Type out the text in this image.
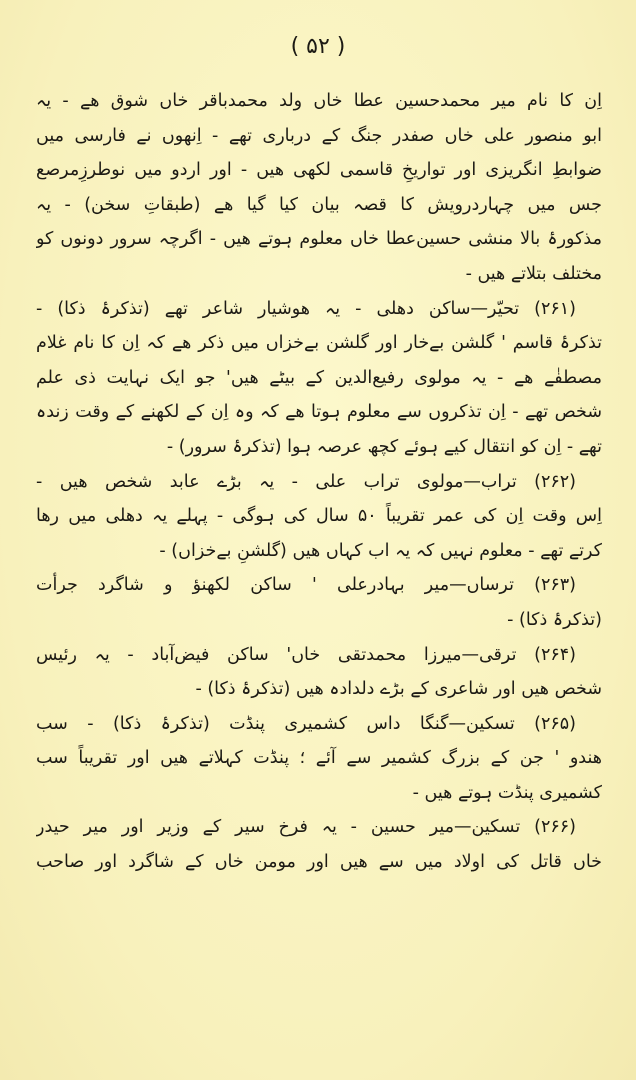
( ۵۲ )
اِن کا نام میر محمدحسین عطا خاں ولد محمدباقر خاں شوق ھے - یہ
ابو منصور علی خاں صفدر جنگ کے درباری تھے - اِنھوں نے فارسی میں
ضوابطِ انگریزی اور تواریخِ قاسمی لکھی ھیں - اور اردو میں نوطرزِمرصع
جس میں چہاردرویش کا قصہ بیان کیا گیا ھے (طبقاتِ سخن) - یہ
مذکورۂ بالا منشی حسین‌عطا خاں معلوم ہوتے ھیں - اگرچہ سرور دونوں کو
مختلف بتلاتے ھیں -
(۲۶۱) تحیّر—ساکن دھلی - یہ ھوشیار شاعر تھے (تذکرۂ ذکا) -
تذکرۂ قاسم ' گلشن بےخار اور گلشن بےخزاں میں ذکر ھے کہ اِن کا نام غلام
مصطفٰے ھے - یہ مولوی رفیع‌الدین کے بیٹے ھیں' جو ایک نہایت ذی علم
شخص تھے - اِن تذکروں سے معلوم ہوتا ھے کہ وہ اِن کے لکھنے کے وقت زندہ
تھے - اِن کو انتقال کیے ہوئے کچھ عرصہ ہوا (تذکرۂ سرور) -
(۲۶۲) تراب—مولوی تراب علی - یہ بڑے عابد شخص ھیں -
اِس وقت اِن کی عمر تقریباً ۵۰ سال کی ہوگی - پہلے یہ دھلی میں رھا
کرتے تھے - معلوم نہیں کہ یہ اب کہاں ھیں (گلشنِ بےخزاں) -
(۲۶۳) ترساں—میر بہادرعلی ' ساکن لکھنؤ و شاگرد جرأت
(تذکرۂ ذکا) -
(۲۶۴) ترقی—میرزا محمدتقی خاں' ساکن فیض‌آباد - یہ رئیس
شخص ھیں اور شاعری کے بڑے دلدادہ ھیں (تذکرۂ ذکا) -
(۲۶۵) تسکین—گنگا داس کشمیری پنڈت (تذکرۂ ذکا) - سب
ھندو ' جن کے بزرگ کشمیر سے آئے ؛ پنڈت کہلاتے ھیں اور تقریباً سب
کشمیری پنڈت ہوتے ھیں -
(۲۶۶) تسکین—میر حسین - یہ فرخ سیر کے وزیر اور میر حیدر
خاں قاتل کی اولاد میں سے ھیں اور مومن خاں کے شاگرد اور صاحب
